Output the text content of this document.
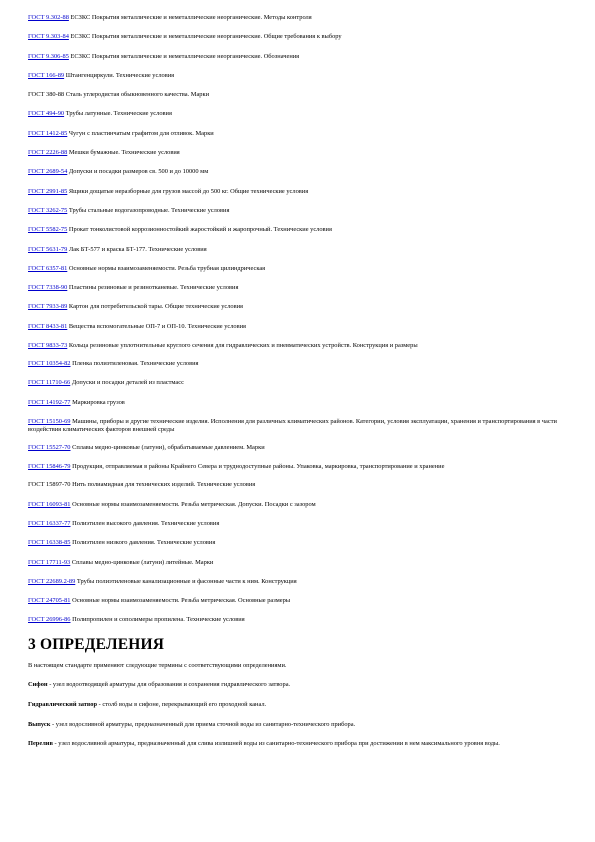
ГОСТ 9.302-88 ЕСЗКС Покрытия металлические и неметаллические неорганические. Методы контроля
ГОСТ 9.303-84 ЕСЗКС Покрытия металлические и неметаллические неорганические. Общие требования к выбору
ГОСТ 9.306-85 ЕСЗКС Покрытия металлические и неметаллические неорганические. Обозначения
ГОСТ 166-89 Штангенциркули. Технические условия
ГОСТ 380-88 Сталь углеродистая обыкновенного качества. Марки
ГОСТ 494-90 Трубы латунные. Технические условия
ГОСТ 1412-85 Чугун с пластинчатым графитом для отливок. Марки
ГОСТ 2226-88 Мешки бумажные. Технические условия
ГОСТ 2689-54 Допуски и посадки размеров св. 500 и до 10000 мм
ГОСТ 2991-85 Ящики дощатые неразборные для грузов массой до 500 кг. Общие технические условия
ГОСТ 3262-75 Трубы стальные водогазопроводные. Технические условия
ГОСТ 5582-75 Прокат тонколистовой коррозионностойкий жаростойкий и жаропрочный. Технические условия
ГОСТ 5631-79 Лак БТ-577 и краска БТ-177. Технические условия
ГОСТ 6357-81 Основные нормы взаимозаменяемости. Резьба трубная цилиндрическая
ГОСТ 7338-90 Пластины резиновые и резинотканевые. Технические условия
ГОСТ 7933-89 Картон для потребительской тары. Общие технические условия
ГОСТ 8433-81 Вещества вспомогательные ОП-7 и ОП-10. Технические условия
ГОСТ 9833-73 Кольца резиновые уплотнительные круглого сечения для гидравлических и пневматических устройств. Конструкция и размеры
ГОСТ 10354-82 Пленка полиэтиленовая. Технические условия
ГОСТ 11710-66 Допуски и посадки деталей из пластмасс
ГОСТ 14192-77 Маркировка грузов
ГОСТ 15150-69 Машины, приборы и другие технические изделия. Исполнения для различных климатических районов. Категории, условия эксплуатации, хранения и транспортирования в части воздействия климатических факторов внешней среды
ГОСТ 15527-70 Сплавы медно-цинковые (латуни), обрабатываемые давлением. Марки
ГОСТ 15846-79 Продукция, отправляемая в районы Крайнего Севера и труднодоступные районы. Упаковка, маркировка, транспортирование и хранение
ГОСТ 15897-70 Нить полиамидная для технических изделий. Технические условия
ГОСТ 16093-81 Основные нормы взаимозаменяемости. Резьба метрическая. Допуски. Посадки с зазором
ГОСТ 16337-77 Полиэтилен высокого давления. Технические условия
ГОСТ 16338-85 Полиэтилен низкого давления. Технические условия
ГОСТ 17711-93 Сплавы медно-цинковые (латуни) литейные. Марки
ГОСТ 22689.2-89 Трубы полиэтиленовые канализационные и фасонные части к ним. Конструкция
ГОСТ 24705-81 Основные нормы взаимозаменяемости. Резьба метрическая. Основные размеры
ГОСТ 26996-86 Полипропилен и сополимеры пропилена. Технические условия
3 ОПРЕДЕЛЕНИЯ
В настоящем стандарте применяют следующие термины с соответствующими определениями.
Сифон - узел водоотводящей арматуры для образования и сохранения гидравлического затвора.
Гидравлический затвор - столб воды в сифоне, перекрывающий его проходной канал.
Выпуск - узел водосливной арматуры, предназначенный для приема сточной воды из санитарно-технического прибора.
Перелив - узел водосливной арматуры, предназначенный для слива излишней воды из санитарно-технического прибора при достижении в нем максимального уровня воды.
